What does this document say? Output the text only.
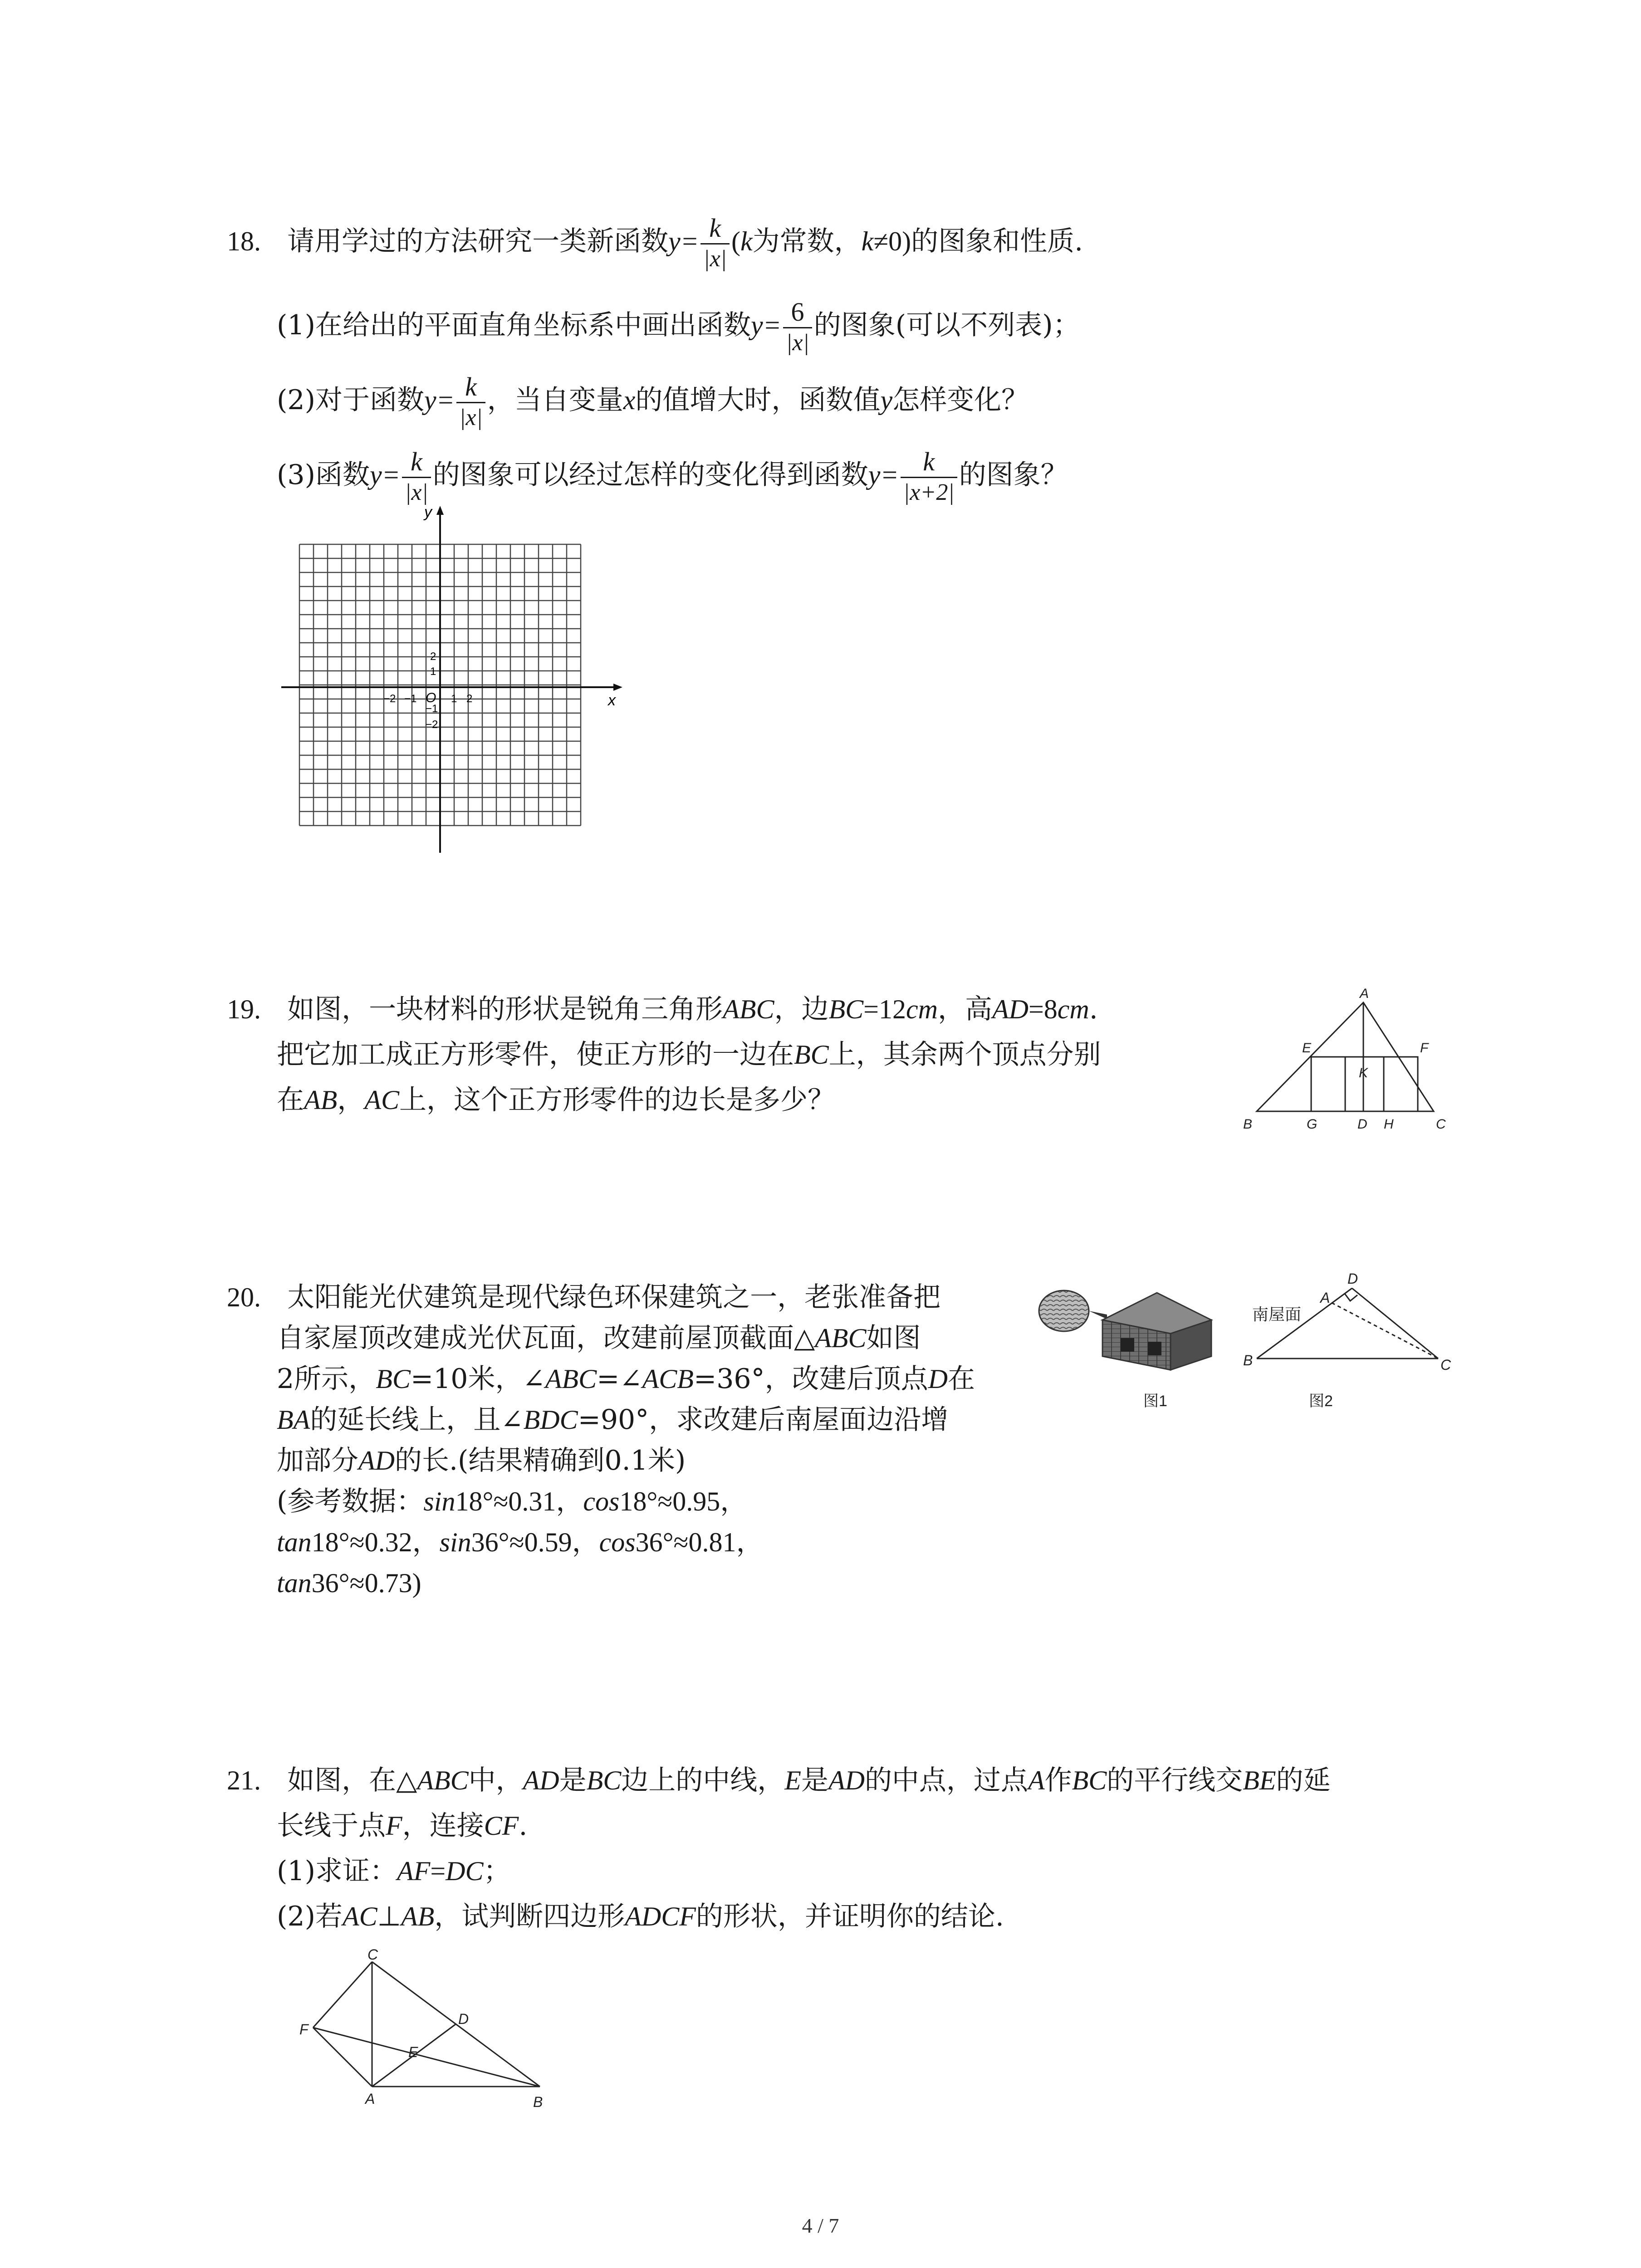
18. 请用学过的方法研究一类新函数$y= \frac{k}{|x|} (k$为常数，k≠0)的图象和性质.
(1)在给出的平面直角坐标系中画出函数$y= \frac{6}{|x|}$ 的图象(可以不列表)；
(2)对于函数$y= \frac{k}{|x|}$ ，当自变量x的值增大时，函数值y怎样变化？
(3)函数$y= \frac{k}{|x|}$ 的图象可以经过怎样的变化得到函数$y= \frac{k}{|x+2|}$ 的图象？
x
y
O
−2 −1	1 2
2
1
−1
−2
19. 如图，一块材料的形状是锐角三角形ABC，边BC=12cm，高AD=8cm.
把它加工成正方形零件，使正方形的一边在BC上，其余两个顶点分别
在AB，AC上，这个正方形零件的边长是多少？
A
B	C
D
E	F
G	H
K
20. 太阳能光伏建筑是现代绿色环保建筑之一，老张准备把
自家屋顶改建成光伏瓦面，改建前屋顶截面△ABC如图
2所示，BC=10米，∠ABC=∠ACB=36°，改建后顶点D在
BA的延长线上，且∠BDC=90°，求改建后南屋面边沿增
加部分AD的长.(结果精确到0.1米)
(参考数据：sin18°≈0.31，cos18°≈0.95，
tan18°≈0.32，sin36°≈0.59，cos36°≈0.81，
tan36°≈0.73)
图1
南屋面
A
B	C
D
图2
21. 如图，在△ABC中，AD是BC边上的中线，E是AD的中点，过点A作BC的平行线交BE的延
长线于点F，连接CF.
(1)求证：AF=DC；
(2)若AC⊥AB，试判断四边形ADCF的形状，并证明你的结论.
A	B
C
D
E
F
4 / 7
